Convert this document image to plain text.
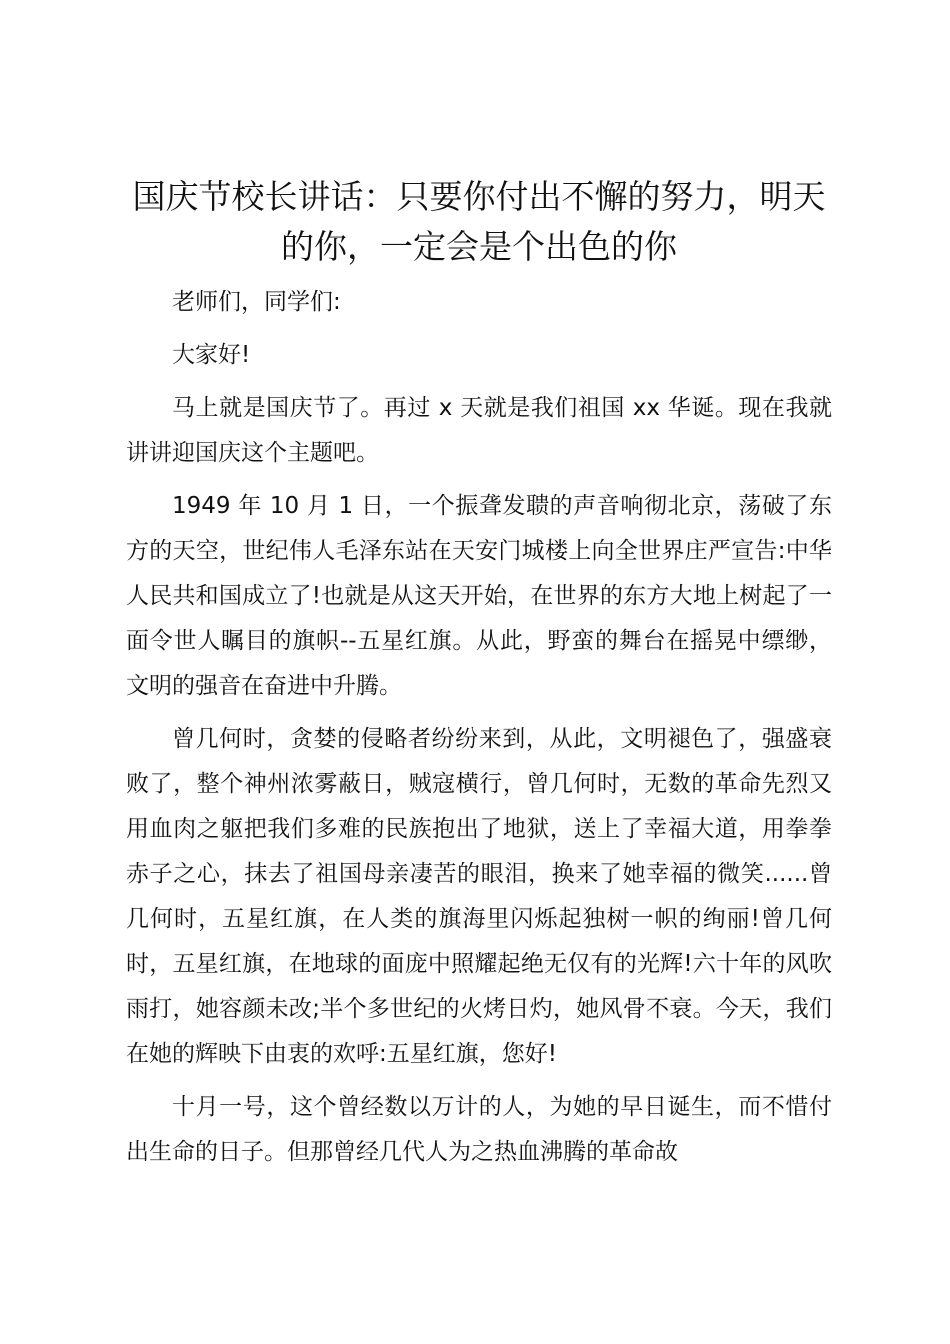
国庆节校长讲话：只要你付出不懈的努力，明天的你，一定会是个出色的你

老师们，同学们:

大家好!

马上就是国庆节了。再过 x 天就是我们祖国 xx 华诞。现在我就讲讲迎国庆这个主题吧。

1949 年 10 月 1 日，一个振聋发聩的声音响彻北京，荡破了东方的天空，世纪伟人毛泽东站在天安门城楼上向全世界庄严宣告:中华人民共和国成立了!也就是从这天开始，在世界的东方大地上树起了一面令世人瞩目的旗帜--五星红旗。从此，野蛮的舞台在摇晃中缥缈，文明的强音在奋进中升腾。

曾几何时，贪婪的侵略者纷纷来到，从此，文明褪色了，强盛衰败了，整个神州浓雾蔽日，贼寇横行，曾几何时，无数的革命先烈又用血肉之躯把我们多难的民族抱出了地狱，送上了幸福大道，用拳拳赤子之心，抹去了祖国母亲凄苦的眼泪，换来了她幸福的微笑......曾几何时，五星红旗，在人类的旗海里闪烁起独树一帜的绚丽!曾几何时，五星红旗，在地球的面庞中照耀起绝无仅有的光辉!六十年的风吹雨打，她容颜未改;半个多世纪的火烤日灼，她风骨不衰。今天，我们在她的辉映下由衷的欢呼:五星红旗，您好!

十月一号，这个曾经数以万计的人，为她的早日诞生，而不惜付出生命的日子。但那曾经几代人为之热血沸腾的革命故
